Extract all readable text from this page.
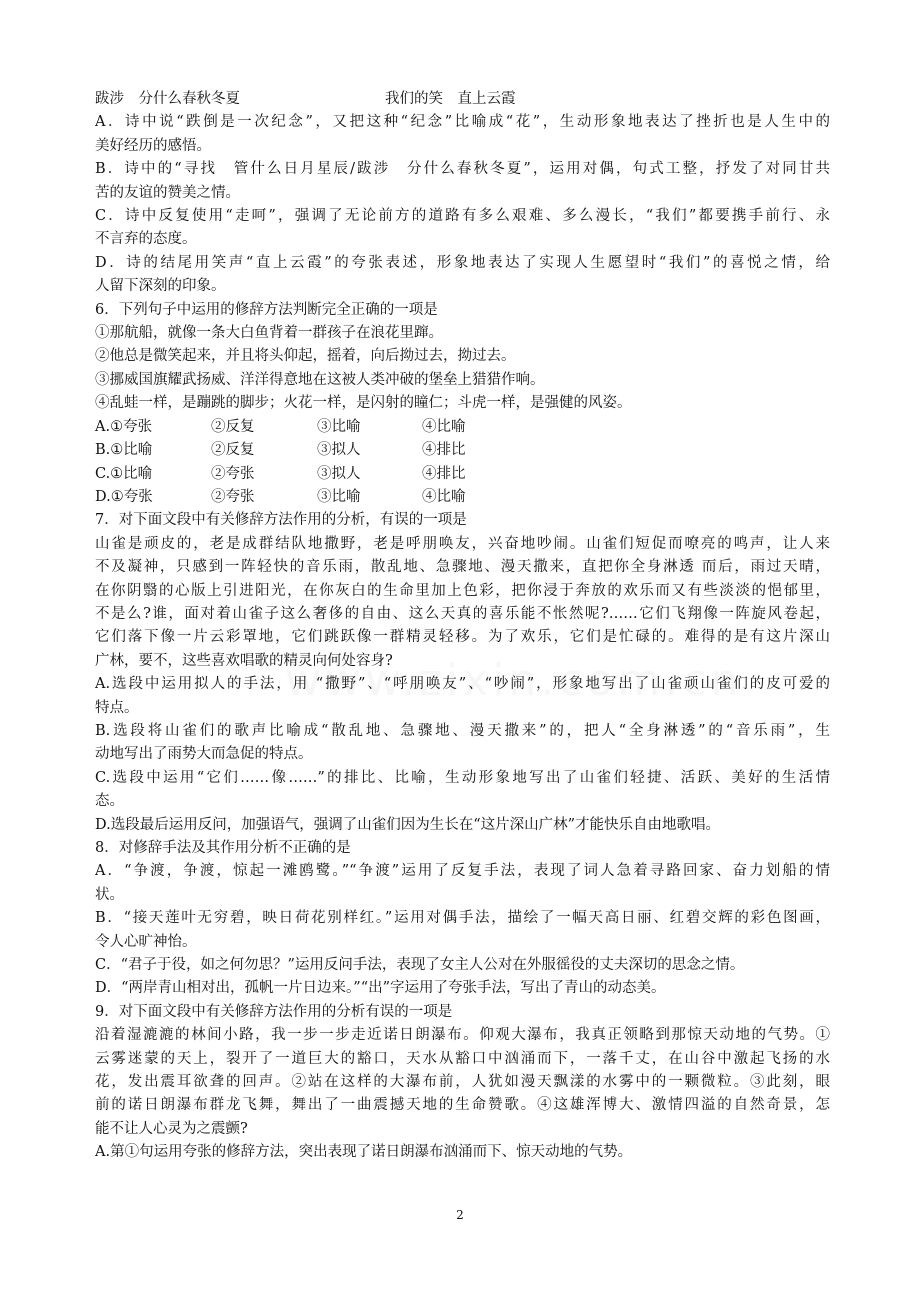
跋涉　分什么春秋冬夏　　　　　　　　　　我们的笑　直上云霞
A．诗中说“跌倒是一次纪念”，又把这种“纪念”比喻成“花”，生动形象地表达了挫折也是人生中的
美好经历的感悟。
B．诗中的“寻找　管什么日月星辰/跋涉　分什么春秋冬夏”，运用对偶，句式工整，抒发了对同甘共
苦的友谊的赞美之情。
C．诗中反复使用“走呵”，强调了无论前方的道路有多么艰难、多么漫长，“我们”都要携手前行、永
不言弃的态度。
D．诗的结尾用笑声“直上云霞”的夸张表述，形象地表达了实现人生愿望时“我们”的喜悦之情，给
人留下深刻的印象。
6．下列句子中运用的修辞方法判断完全正确的一项是
①那航船，就像一条大白鱼背着一群孩子在浪花里蹿。
②他总是微笑起来，并且将头仰起，摇着，向后拗过去，拗过去。
③挪威国旗耀武扬威、洋洋得意地在这被人类冲破的堡垒上猎猎作响。
④乱蛙一样，是蹦跳的脚步；火花一样，是闪射的瞳仁；斗虎一样，是强健的风姿。
A.①夸张	②反复	③比喻	④比喻
B.①比喻	②反复	③拟人	④排比
C.①比喻	②夸张	③拟人	④排比
D.①夸张	②夸张	③比喻	④比喻
7．对下面文段中有关修辞方法作用的分析，有误的一项是
山雀是顽皮的，老是成群结队地撒野，老是呼朋唤友，兴奋地吵闹。山雀们短促而嘹亮的鸣声，让人来
不及凝神，只感到一阵轻快的音乐雨，散乱地、急骤地、漫天撒来，直把你全身淋透 而后，雨过天晴，
在你阴翳的心版上引进阳光，在你灰白的生命里加上色彩，把你浸于奔放的欢乐而又有些淡淡的悒郁里，
不是么?谁，面对着山雀子这么奢侈的自由、这么天真的喜乐能不怅然呢?……它们飞翔像一阵旋风卷起，
它们落下像一片云彩罩地，它们跳跃像一群精灵轻移。为了欢乐，它们是忙碌的。难得的是有这片深山
广林，要不，这些喜欢唱歌的精灵向何处容身?
A.选段中运用拟人的手法，用 “撒野”、“呼朋唤友”、“吵闹”，形象地写出了山雀顽山雀们的皮可爱的
特点。
B.选段将山雀们的歌声比喻成“散乱地、急骤地、漫天撒来”的，把人“全身淋透”的“音乐雨”，生
动地写出了雨势大而急促的特点。
C.选段中运用“它们……像……”的排比、比喻，生动形象地写出了山雀们轻捷、活跃、美好的生活情
态。
D.选段最后运用反问，加强语气，强调了山雀们因为生长在“这片深山广林”才能快乐自由地歌唱。
8．对修辞手法及其作用分析不正确的是
A．“争渡，争渡，惊起一滩鸥鹭。”“争渡”运用了反复手法，表现了词人急着寻路回家、奋力划船的情
状。
B．“接天莲叶无穷碧，映日荷花别样红。”运用对偶手法，描绘了一幅天高日丽、红碧交辉的彩色图画，
令人心旷神怡。
C．“君子于役，如之何勿思？”运用反问手法，表现了女主人公对在外服徭役的丈夫深切的思念之情。
D．“两岸青山相对出，孤帆一片日边来。”“出”字运用了夸张手法，写出了青山的动态美。
9．对下面文段中有关修辞方法作用的分析有误的一项是
沿着湿漉漉的林间小路，我一步一步走近诺日朗瀑布。仰观大瀑布，我真正领略到那惊天动地的气势。①
云雾迷蒙的天上，裂开了一道巨大的豁口，天水从豁口中汹涌而下，一落千丈，在山谷中激起飞扬的水
花，发出震耳欲聋的回声。②站在这样的大瀑布前，人犹如漫天飘漾的水雾中的一颗微粒。③此刻，眼
前的诺日朗瀑布群龙飞舞，舞出了一曲震撼天地的生命赞歌。④这雄浑博大、激情四溢的自然奇景，怎
能不让人心灵为之震颤?
A.第①句运用夸张的修辞方法，突出表现了诺日朗瀑布汹涌而下、惊天动地的气势。
2
